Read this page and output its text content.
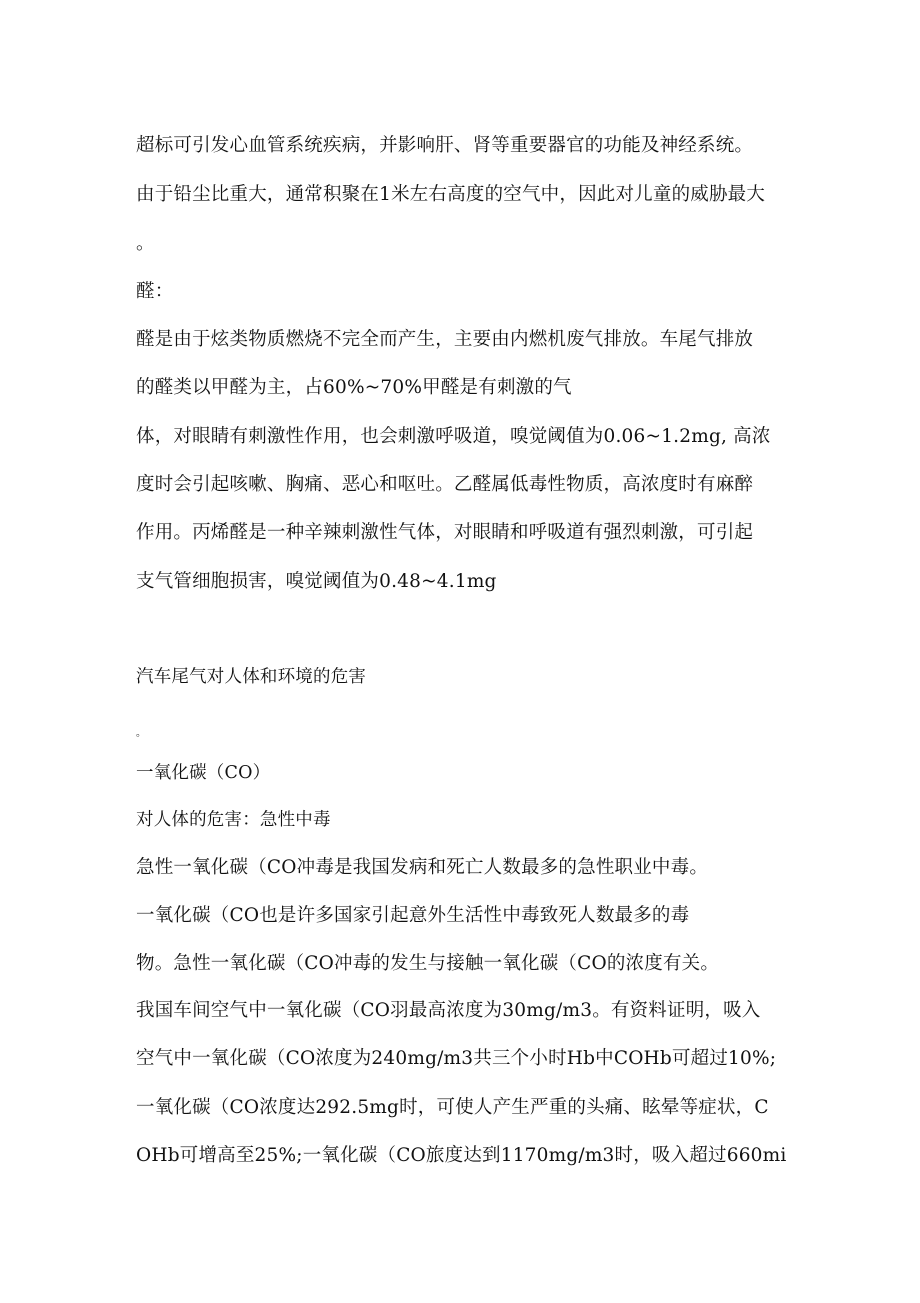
超标可引发心血管系统疾病，并影响肝、肾等重要器官的功能及神经系统。
由于铅尘比重大，通常积聚在1米左右高度的空气中，因此对儿童的威胁最大
。
醛：
醛是由于炫类物质燃烧不完全而产生，主要由内燃机废气排放。车尾气排放
的醛类以甲醛为主，占60%~70%甲醛是有刺激的气
体，对眼睛有刺激性作用，也会刺激呼吸道，嗅觉阈值为0.06~1.2mg, 高浓
度时会引起咳嗽、胸痛、恶心和呕吐。乙醛属低毒性物质，高浓度时有麻醉
作用。丙烯醛是一种辛辣刺激性气体，对眼睛和呼吸道有强烈刺激，可引起
支气管细胞损害，嗅觉阈值为0.48~4.1mg
汽车尾气对人体和环境的危害
。
一氧化碳（CO）
对人体的危害：急性中毒
急性一氧化碳（CO冲毒是我国发病和死亡人数最多的急性职业中毒。
一氧化碳（CO也是许多国家引起意外生活性中毒致死人数最多的毒
物。急性一氧化碳（CO冲毒的发生与接触一氧化碳（CO的浓度有关。
我国车间空气中一氧化碳（CO羽最高浓度为30mg/m3。有资料证明，吸入
空气中一氧化碳（CO浓度为240mg/m3共三个小时Hb中COHb可超过10%;
一氧化碳（CO浓度达292.5mg时，可使人产生严重的头痛、眩晕等症状，C
OHb可增高至25%;一氧化碳（CO旅度达到1170mg/m3时，吸入超过660mi
